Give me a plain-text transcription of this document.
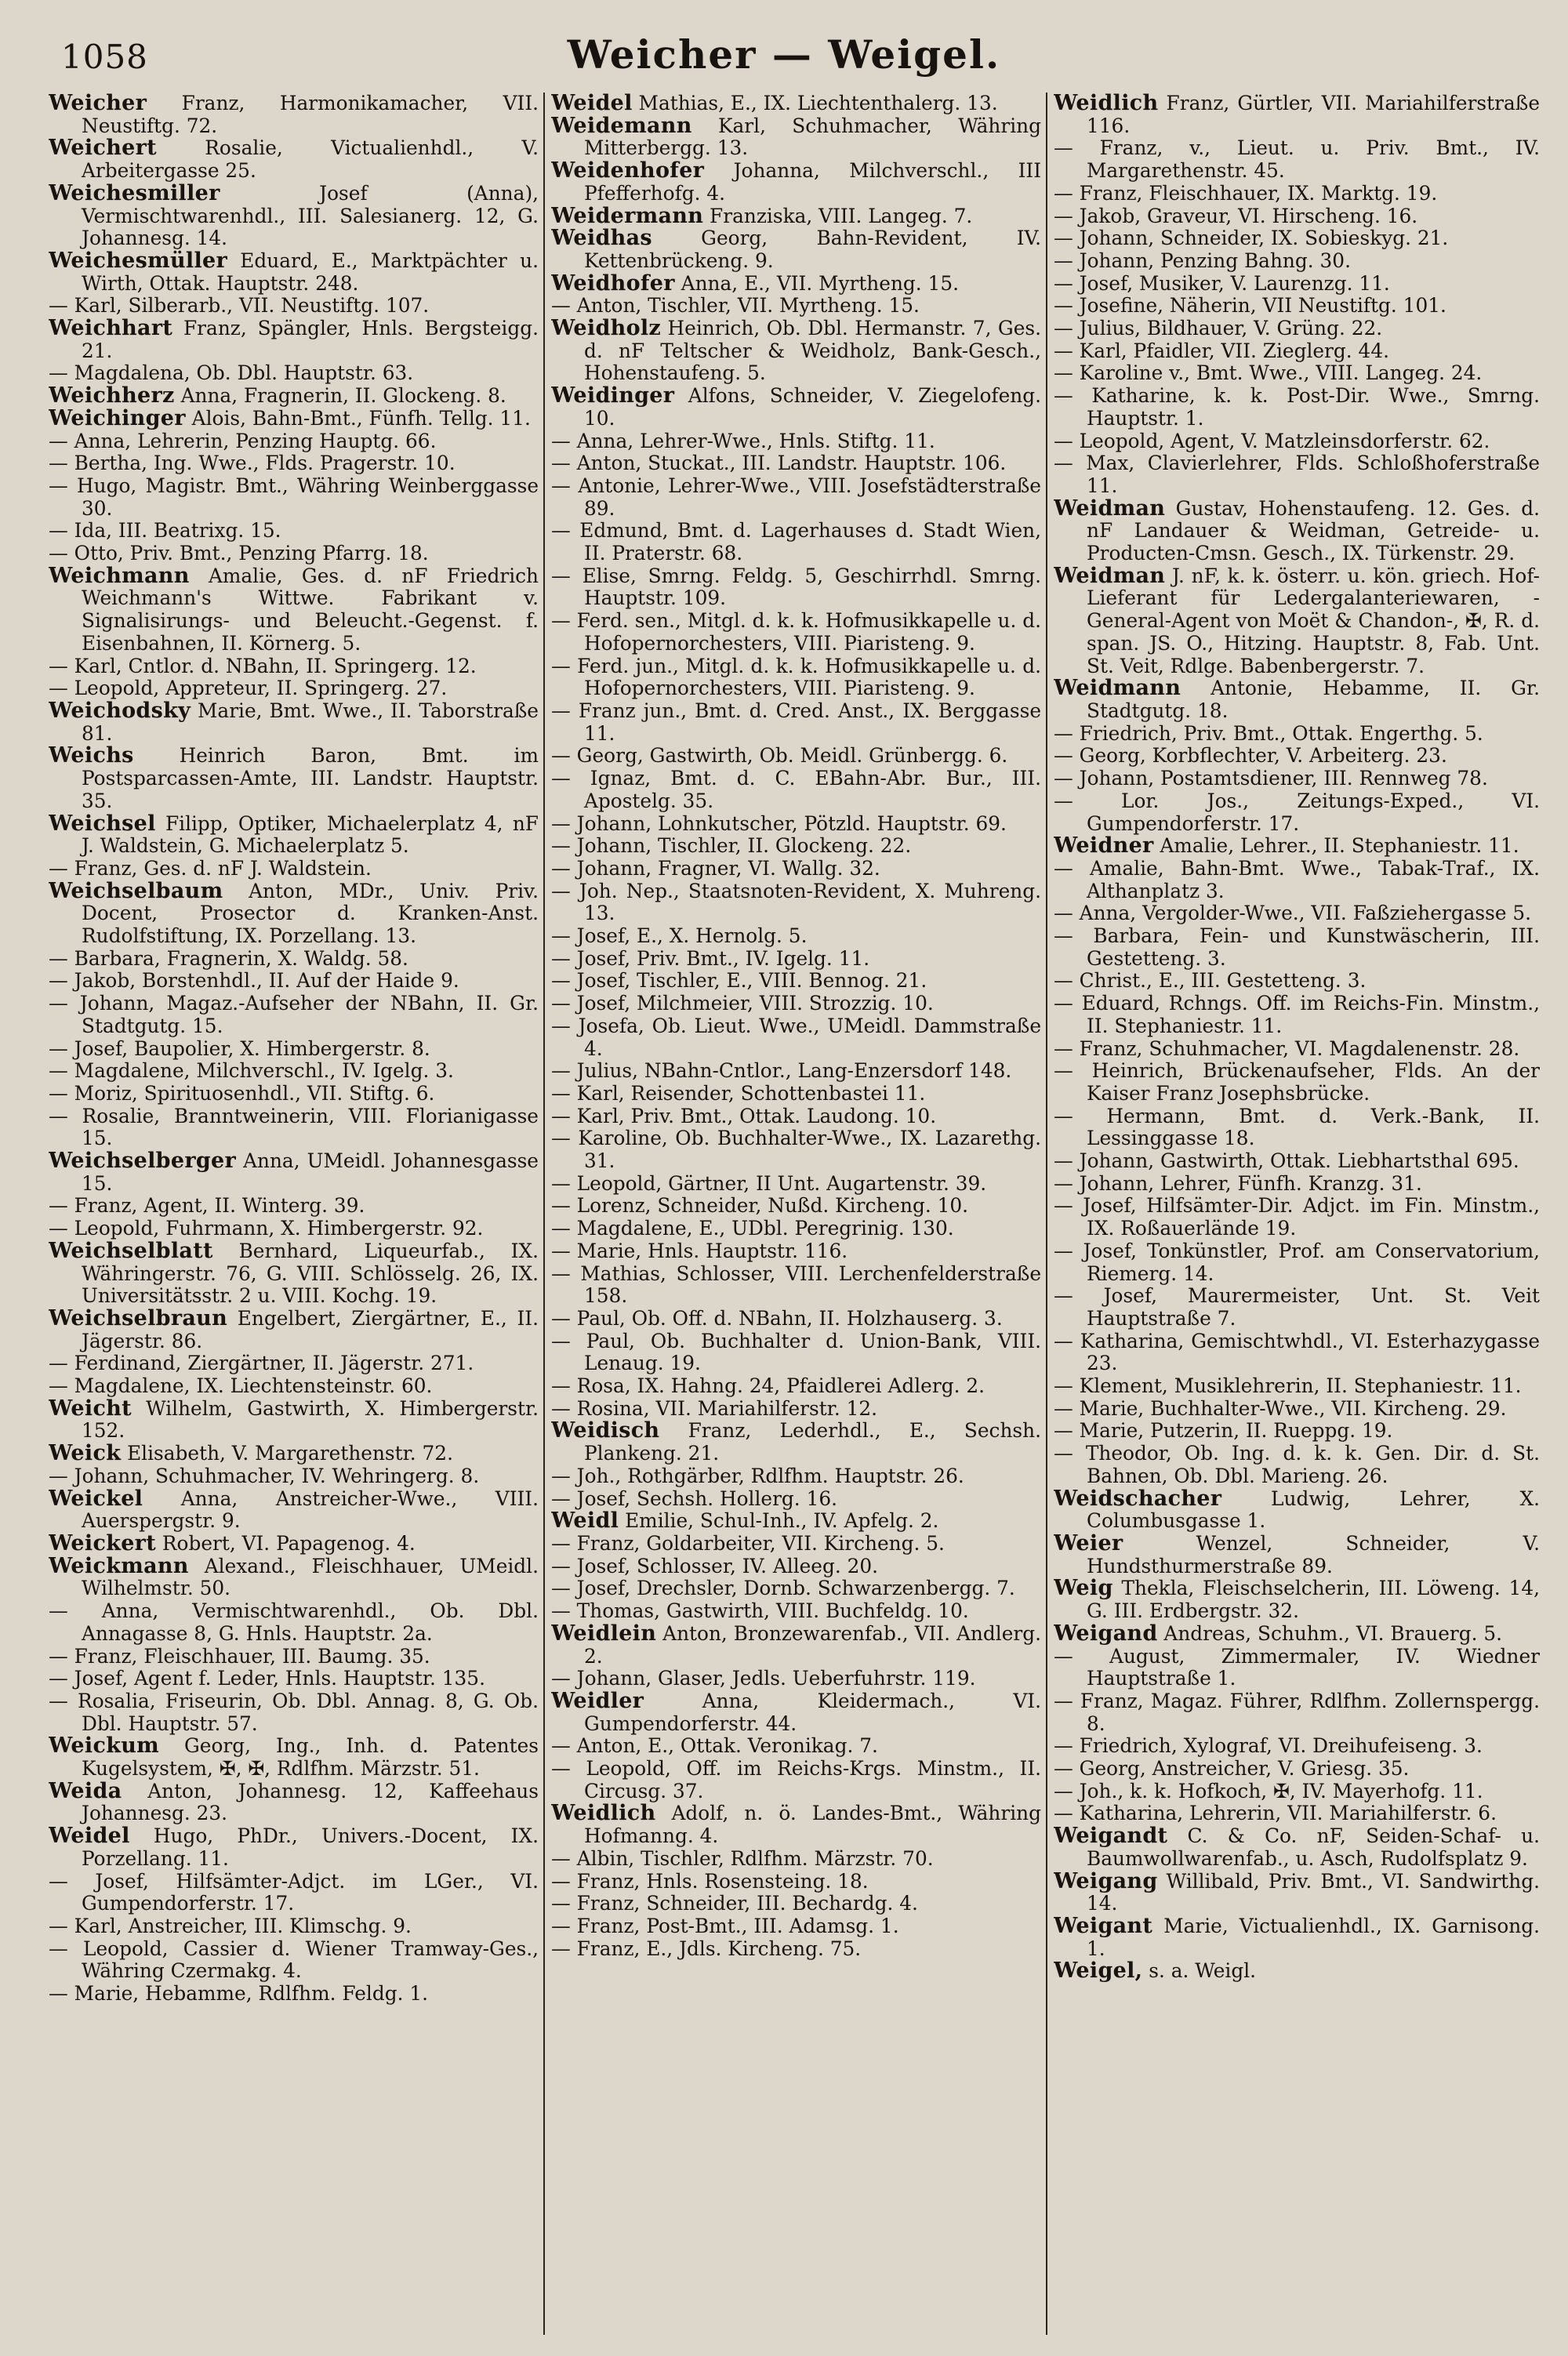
1058	Weicher — Weigel.

Weicher Franz, Harmonikamacher, VII. Neustiftg. 72.

Weichert Rosalie, Victualienhdl., V. Arbeitergasse 25.

Weichesmiller Josef (Anna), Vermischtwarenhdl., III. Salesianerg. 12, G. Johannesg. 14.

Weichesmüller Eduard, E., Marktpächter u. Wirth, Ottak. Hauptstr. 248.

— Karl, Silberarb., VII. Neustiftg. 107.

Weichhart Franz, Spängler, Hnls. Bergsteigg. 21.

— Magdalena, Ob. Dbl. Hauptstr. 63.

Weichherz Anna, Fragnerin, II. Glockeng. 8.

Weichinger Alois, Bahn-Bmt., Fünfh. Tellg. 11.

— Anna, Lehrerin, Penzing Hauptg. 66.

— Bertha, Ing. Wwe., Flds. Pragerstr. 10.

— Hugo, Magistr. Bmt., Währing Weinberggasse 30.

— Ida, III. Beatrixg. 15.

— Otto, Priv. Bmt., Penzing Pfarrg. 18.

Weichmann Amalie, Ges. d. nF Friedrich Weichmann's Wittwe. Fabrikant v. Signalisirungs- und Beleucht.-Gegenst. f. Eisenbahnen, II. Körnerg. 5.

— Karl, Cntlor. d. NBahn, II. Springerg. 12.

— Leopold, Appreteur, II. Springerg. 27.

Weichodsky Marie, Bmt. Wwe., II. Taborstraße 81.

Weichs Heinrich Baron, Bmt. im Postsparcassen-Amte, III. Landstr. Hauptstr. 35.

Weichsel Filipp, Optiker, Michaelerplatz 4, nF J. Waldstein, G. Michaelerplatz 5.

— Franz, Ges. d. nF J. Waldstein.

Weichselbaum Anton, MDr., Univ. Priv. Docent, Prosector d. Kranken-Anst. Rudolfstiftung, IX. Porzellang. 13.

— Barbara, Fragnerin, X. Waldg. 58.

— Jakob, Borstenhdl., II. Auf der Haide 9.

— Johann, Magaz.-Aufseher der NBahn, II. Gr. Stadtgutg. 15.

— Josef, Baupolier, X. Himbergerstr. 8.

— Magdalene, Milchverschl., IV. Igelg. 3.

— Moriz, Spirituosenhdl., VII. Stiftg. 6.

— Rosalie, Branntweinerin, VIII. Florianigasse 15.

Weichselberger Anna, UMeidl. Johannesgasse 15.

— Franz, Agent, II. Winterg. 39.

— Leopold, Fuhrmann, X. Himbergerstr. 92.

Weichselblatt Bernhard, Liqueurfab., IX. Währingerstr. 76, G. VIII. Schlösselg. 26, IX. Universitätsstr. 2 u. VIII. Kochg. 19.

Weichselbraun Engelbert, Ziergärtner, E., II. Jägerstr. 86.

— Ferdinand, Ziergärtner, II. Jägerstr. 271.

— Magdalene, IX. Liechtensteinstr. 60.

Weicht Wilhelm, Gastwirth, X. Himbergerstr. 152.

Weick Elisabeth, V. Margarethenstr. 72.

— Johann, Schuhmacher, IV. Wehringerg. 8.

Weickel Anna, Anstreicher-Wwe., VIII. Auerspergstr. 9.

Weickert Robert, VI. Papagenog. 4.

Weickmann Alexand., Fleischhauer, UMeidl. Wilhelmstr. 50.

— Anna, Vermischtwarenhdl., Ob. Dbl. Annagasse 8, G. Hnls. Hauptstr. 2a.

— Franz, Fleischhauer, III. Baumg. 35.

— Josef, Agent f. Leder, Hnls. Hauptstr. 135.

— Rosalia, Friseurin, Ob. Dbl. Annag. 8, G. Ob. Dbl. Hauptstr. 57.

Weickum Georg, Ing., Inh. d. Patentes Kugelsystem, ✠, ✠, Rdlfhm. Märzstr. 51.

Weida Anton, Johannesg. 12, Kaffeehaus Johannesg. 23.

Weidel Hugo, PhDr., Univers.-Docent, IX. Porzellang. 11.

— Josef, Hilfsämter-Adjct. im LGer., VI. Gumpendorferstr. 17.

— Karl, Anstreicher, III. Klimschg. 9.

— Leopold, Cassier d. Wiener Tramway-Ges., Währing Czermakg. 4.

— Marie, Hebamme, Rdlfhm. Feldg. 1.

Weidel Mathias, E., IX. Liechtenthalerg. 13.

Weidemann Karl, Schuhmacher, Währing Mitterbergg. 13.

Weidenhofer Johanna, Milchverschl., III Pfefferhofg. 4.

Weidermann Franziska, VIII. Langeg. 7.

Weidhas Georg, Bahn-Revident, IV. Kettenbrückeng. 9.

Weidhofer Anna, E., VII. Myrtheng. 15.

— Anton, Tischler, VII. Myrtheng. 15.

Weidholz Heinrich, Ob. Dbl. Hermanstr. 7, Ges. d. nF Teltscher & Weidholz, Bank-Gesch., Hohenstaufeng. 5.

Weidinger Alfons, Schneider, V. Ziegelofeng. 10.

— Anna, Lehrer-Wwe., Hnls. Stiftg. 11.

— Anton, Stuckat., III. Landstr. Hauptstr. 106.

— Antonie, Lehrer-Wwe., VIII. Josefstädterstraße 89.

— Edmund, Bmt. d. Lagerhauses d. Stadt Wien, II. Praterstr. 68.

— Elise, Smrng. Feldg. 5, Geschirrhdl. Smrng. Hauptstr. 109.

— Ferd. sen., Mitgl. d. k. k. Hofmusikkapelle u. d. Hofopernorchesters, VIII. Piaristeng. 9.

— Ferd. jun., Mitgl. d. k. k. Hofmusikkapelle u. d. Hofopernorchesters, VIII. Piaristeng. 9.

— Franz jun., Bmt. d. Cred. Anst., IX. Berggasse 11.

— Georg, Gastwirth, Ob. Meidl. Grünbergg. 6.

— Ignaz, Bmt. d. C. EBahn-Abr. Bur., III. Apostelg. 35.

— Johann, Lohnkutscher, Pötzld. Hauptstr. 69.

— Johann, Tischler, II. Glockeng. 22.

— Johann, Fragner, VI. Wallg. 32.

— Joh. Nep., Staatsnoten-Revident, X. Muhreng. 13.

— Josef, E., X. Hernolg. 5.

— Josef, Priv. Bmt., IV. Igelg. 11.

— Josef, Tischler, E., VIII. Bennog. 21.

— Josef, Milchmeier, VIII. Strozzig. 10.

— Josefa, Ob. Lieut. Wwe., UMeidl. Dammstraße 4.

— Julius, NBahn-Cntlor., Lang-Enzersdorf 148.

— Karl, Reisender, Schottenbastei 11.

— Karl, Priv. Bmt., Ottak. Laudong. 10.

— Karoline, Ob. Buchhalter-Wwe., IX. Lazarethg. 31.

— Leopold, Gärtner, II Unt. Augartenstr. 39.

— Lorenz, Schneider, Nußd. Kircheng. 10.

— Magdalene, E., UDbl. Peregrinig. 130.

— Marie, Hnls. Hauptstr. 116.

— Mathias, Schlosser, VIII. Lerchenfelderstraße 158.

— Paul, Ob. Off. d. NBahn, II. Holzhauserg. 3.

— Paul, Ob. Buchhalter d. Union-Bank, VIII. Lenaug. 19.

— Rosa, IX. Hahng. 24, Pfaidlerei Adlerg. 2.

— Rosina, VII. Mariahilferstr. 12.

Weidisch Franz, Lederhdl., E., Sechsh. Plankeng. 21.

— Joh., Rothgärber, Rdlfhm. Hauptstr. 26.

— Josef, Sechsh. Hollerg. 16.

Weidl Emilie, Schul-Inh., IV. Apfelg. 2.

— Franz, Goldarbeiter, VII. Kircheng. 5.

— Josef, Schlosser, IV. Alleeg. 20.

— Josef, Drechsler, Dornb. Schwarzenbergg. 7.

— Thomas, Gastwirth, VIII. Buchfeldg. 10.

Weidlein Anton, Bronzewarenfab., VII. Andlerg. 2.

— Johann, Glaser, Jedls. Ueberfuhrstr. 119.

Weidler Anna, Kleidermach., VI. Gumpendorferstr. 44.

— Anton, E., Ottak. Veronikag. 7.

— Leopold, Off. im Reichs-Krgs. Minstm., II. Circusg. 37.

Weidlich Adolf, n. ö. Landes-Bmt., Währing Hofmanng. 4.

— Albin, Tischler, Rdlfhm. Märzstr. 70.

— Franz, Hnls. Rosensteing. 18.

— Franz, Schneider, III. Bechardg. 4.

— Franz, Post-Bmt., III. Adamsg. 1.

— Franz, E., Jdls. Kircheng. 75.

Weidlich Franz, Gürtler, VII. Mariahilferstraße 116.

— Franz, v., Lieut. u. Priv. Bmt., IV. Margarethenstr. 45.

— Franz, Fleischhauer, IX. Marktg. 19.

— Jakob, Graveur, VI. Hirscheng. 16.

— Johann, Schneider, IX. Sobieskyg. 21.

— Johann, Penzing Bahng. 30.

— Josef, Musiker, V. Laurenzg. 11.

— Josefine, Näherin, VII Neustiftg. 101.

— Julius, Bildhauer, V. Grüng. 22.

— Karl, Pfaidler, VII. Zieglerg. 44.

— Karoline v., Bmt. Wwe., VIII. Langeg. 24.

— Katharine, k. k. Post-Dir. Wwe., Smrng. Hauptstr. 1.

— Leopold, Agent, V. Matzleinsdorferstr. 62.

— Max, Clavierlehrer, Flds. Schloßhoferstraße 11.

Weidman Gustav, Hohenstaufeng. 12. Ges. d. nF Landauer & Weidman, Getreide- u. Producten-Cmsn. Gesch., IX. Türkenstr. 29.

Weidman J. nF, k. k. österr. u. kön. griech. Hof-Lieferant für Ledergalanteriewaren, -General-Agent von Moët & Chandon-, ✠, R. d. span. JS. O., Hitzing. Hauptstr. 8, Fab. Unt. St. Veit, Rdlge. Babenbergerstr. 7.

Weidmann Antonie, Hebamme, II. Gr. Stadtgutg. 18.

— Friedrich, Priv. Bmt., Ottak. Engerthg. 5.

— Georg, Korbflechter, V. Arbeiterg. 23.

— Johann, Postamtsdiener, III. Rennweg 78.

— Lor. Jos., Zeitungs-Exped., VI. Gumpendorferstr. 17.

Weidner Amalie, Lehrer., II. Stephaniestr. 11.

— Amalie, Bahn-Bmt. Wwe., Tabak-Traf., IX. Althanplatz 3.

— Anna, Vergolder-Wwe., VII. Faßziehergasse 5.

— Barbara, Fein- und Kunstwäscherin, III. Gestetteng. 3.

— Christ., E., III. Gestetteng. 3.

— Eduard, Rchngs. Off. im Reichs-Fin. Minstm., II. Stephaniestr. 11.

— Franz, Schuhmacher, VI. Magdalenenstr. 28.

— Heinrich, Brückenaufseher, Flds. An der Kaiser Franz Josephsbrücke.

— Hermann, Bmt. d. Verk.-Bank, II. Lessinggasse 18.

— Johann, Gastwirth, Ottak. Liebhartsthal 695.

— Johann, Lehrer, Fünfh. Kranzg. 31.

— Josef, Hilfsämter-Dir. Adjct. im Fin. Minstm., IX. Roßauerlände 19.

— Josef, Tonkünstler, Prof. am Conservatorium, Riemerg. 14.

— Josef, Maurermeister, Unt. St. Veit Hauptstraße 7.

— Katharina, Gemischtwhdl., VI. Esterhazygasse 23.

— Klement, Musiklehrerin, II. Stephaniestr. 11.

— Marie, Buchhalter-Wwe., VII. Kircheng. 29.

— Marie, Putzerin, II. Rueppg. 19.

— Theodor, Ob. Ing. d. k. k. Gen. Dir. d. St. Bahnen, Ob. Dbl. Marieng. 26.

Weidschacher Ludwig, Lehrer, X. Columbusgasse 1.

Weier Wenzel, Schneider, V. Hundsthurmerstraße 89.

Weig Thekla, Fleischselcherin, III. Löweng. 14, G. III. Erdbergstr. 32.

Weigand Andreas, Schuhm., VI. Brauerg. 5.

— August, Zimmermaler, IV. Wiedner Hauptstraße 1.

— Franz, Magaz. Führer, Rdlfhm. Zollernspergg. 8.

— Friedrich, Xylograf, VI. Dreihufeiseng. 3.

— Georg, Anstreicher, V. Griesg. 35.

— Joh., k. k. Hofkoch, ✠, IV. Mayerhofg. 11.

— Katharina, Lehrerin, VII. Mariahilferstr. 6.

Weigandt C. & Co. nF, Seiden-Schaf- u. Baumwollwarenfab., u. Asch, Rudolfsplatz 9.

Weigang Willibald, Priv. Bmt., VI. Sandwirthg. 14.

Weigant Marie, Victualienhdl., IX. Garnisong. 1.

Weigel, s. a. Weigl.
